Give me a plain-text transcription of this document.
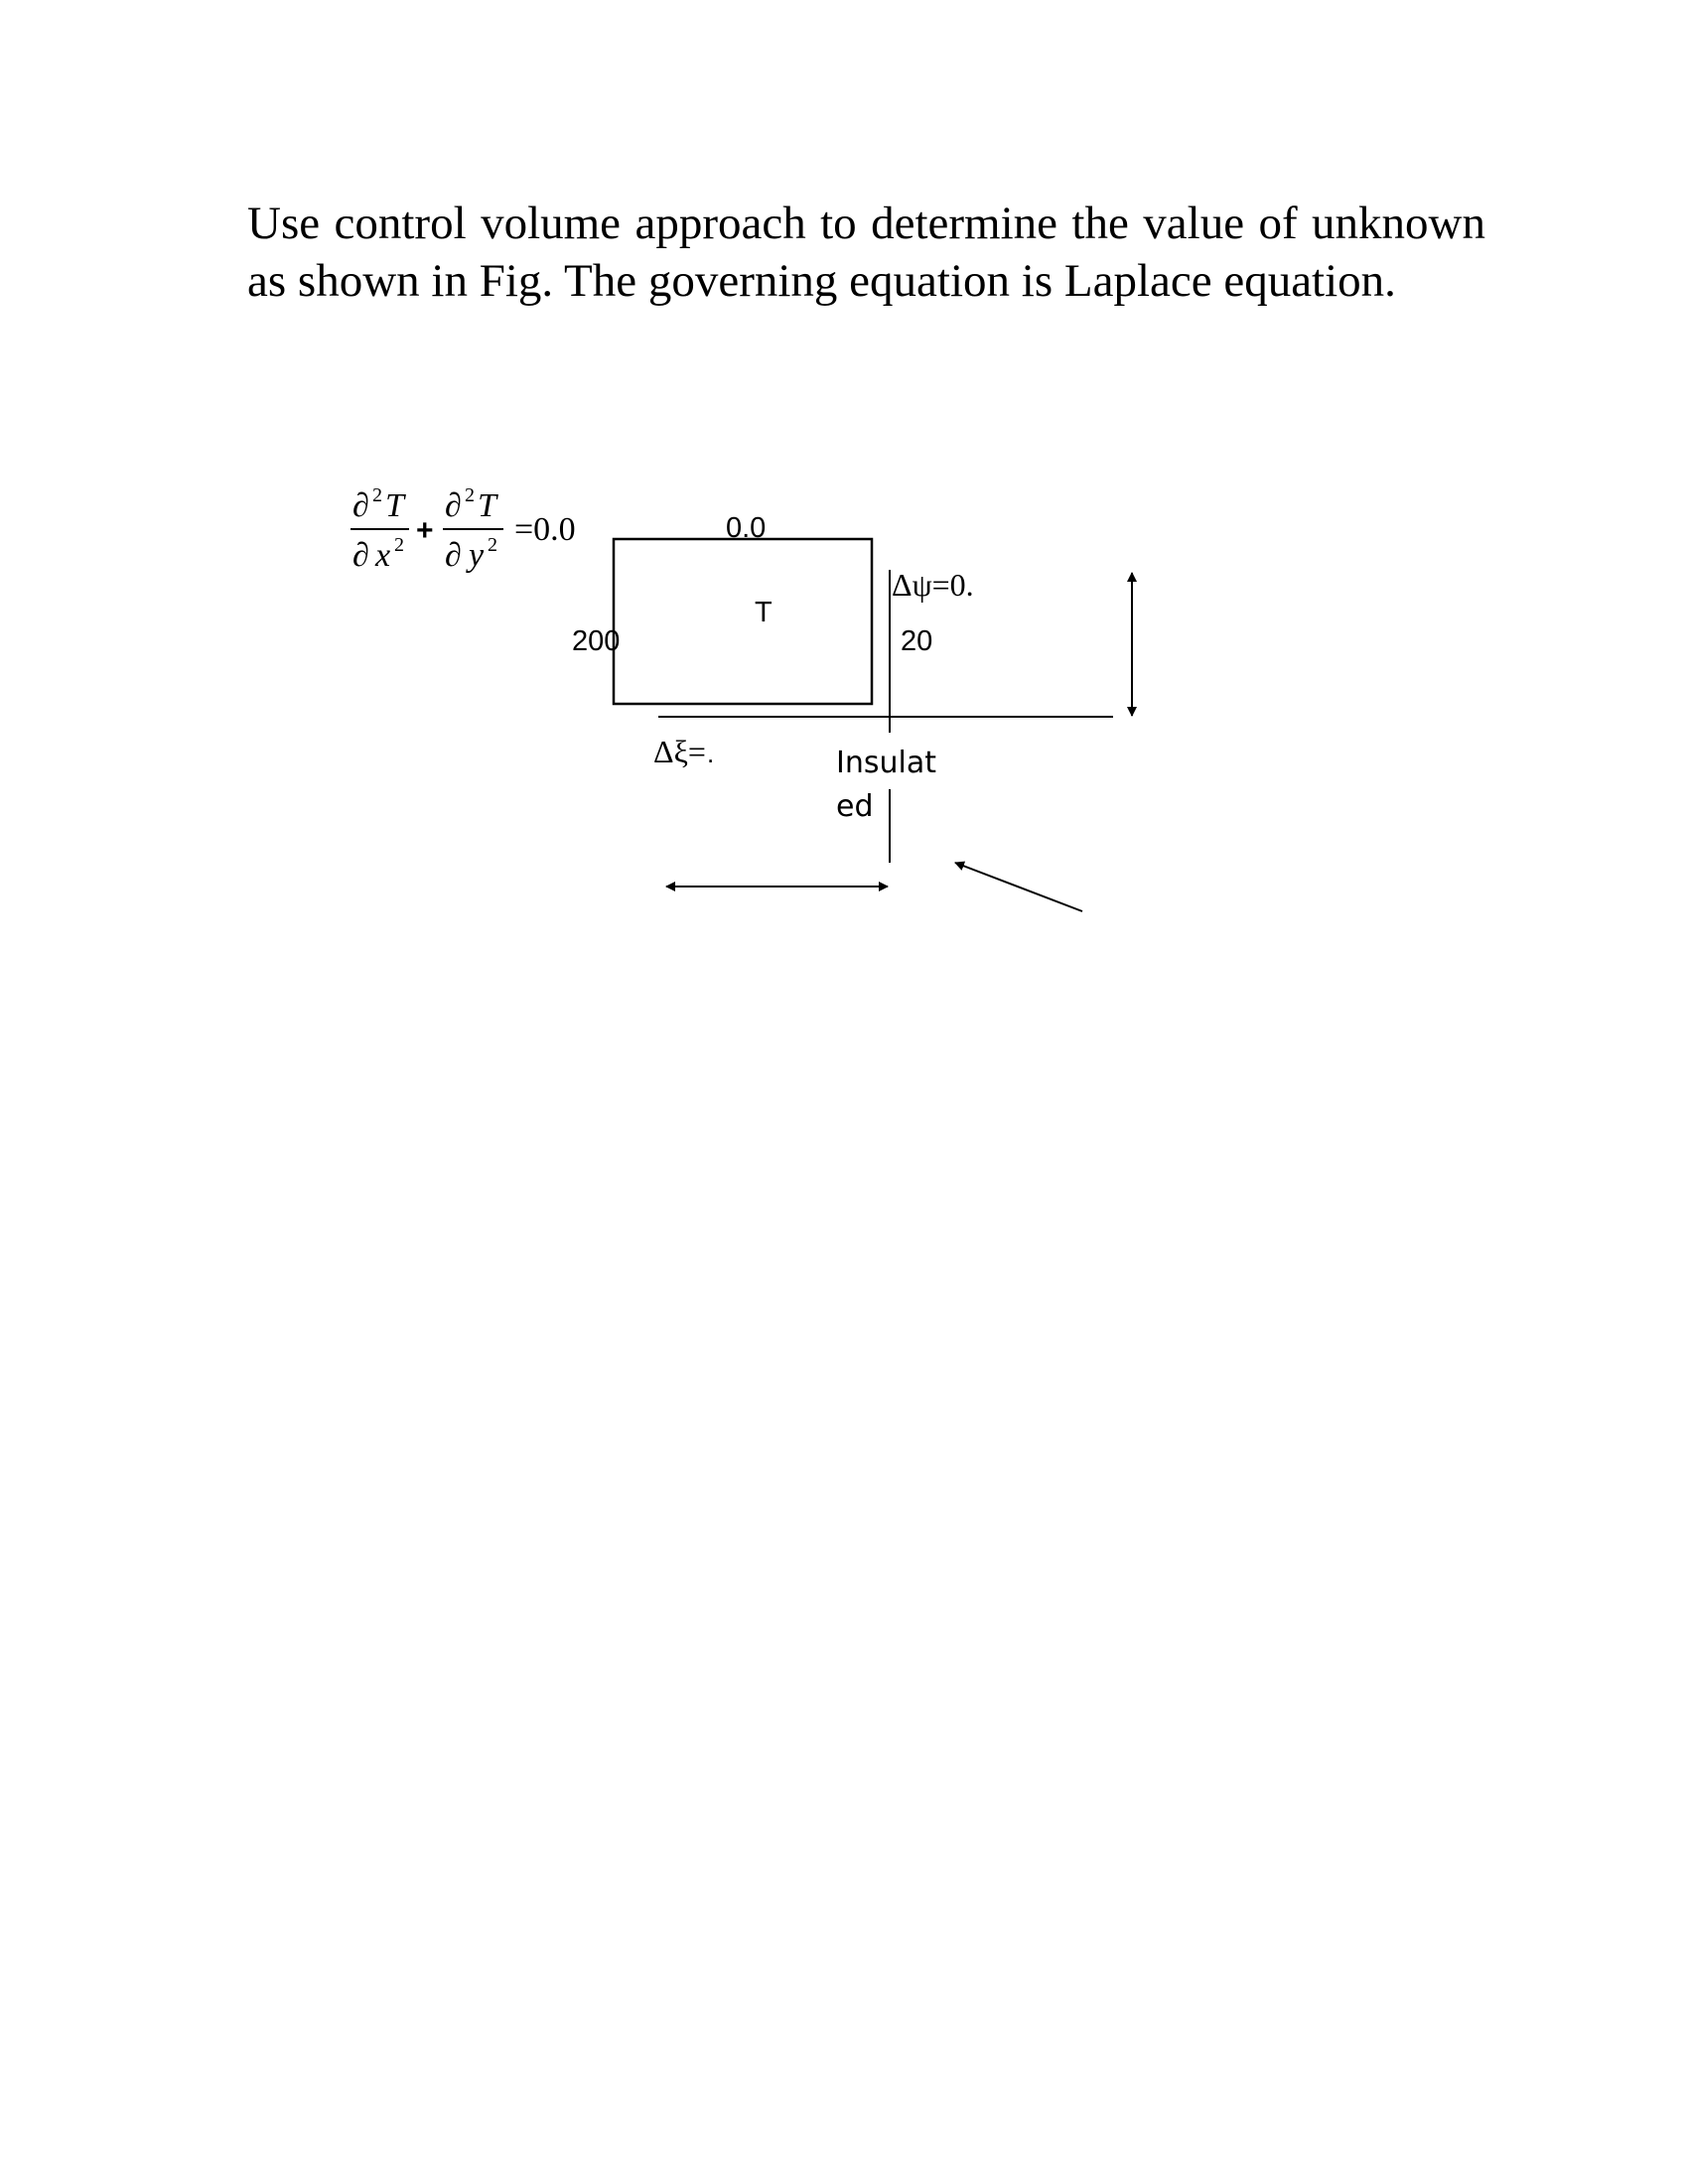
Use control volume approach to determine the value of unknown as shown in Fig. The governing equation is Laplace equation.

∂ 2 T
∂ x 2 +
∂ 2 T
∂ y 2 =0.0	0.0
T
200
Δψ=0.
20
Δξ= .	Insulat
ed
